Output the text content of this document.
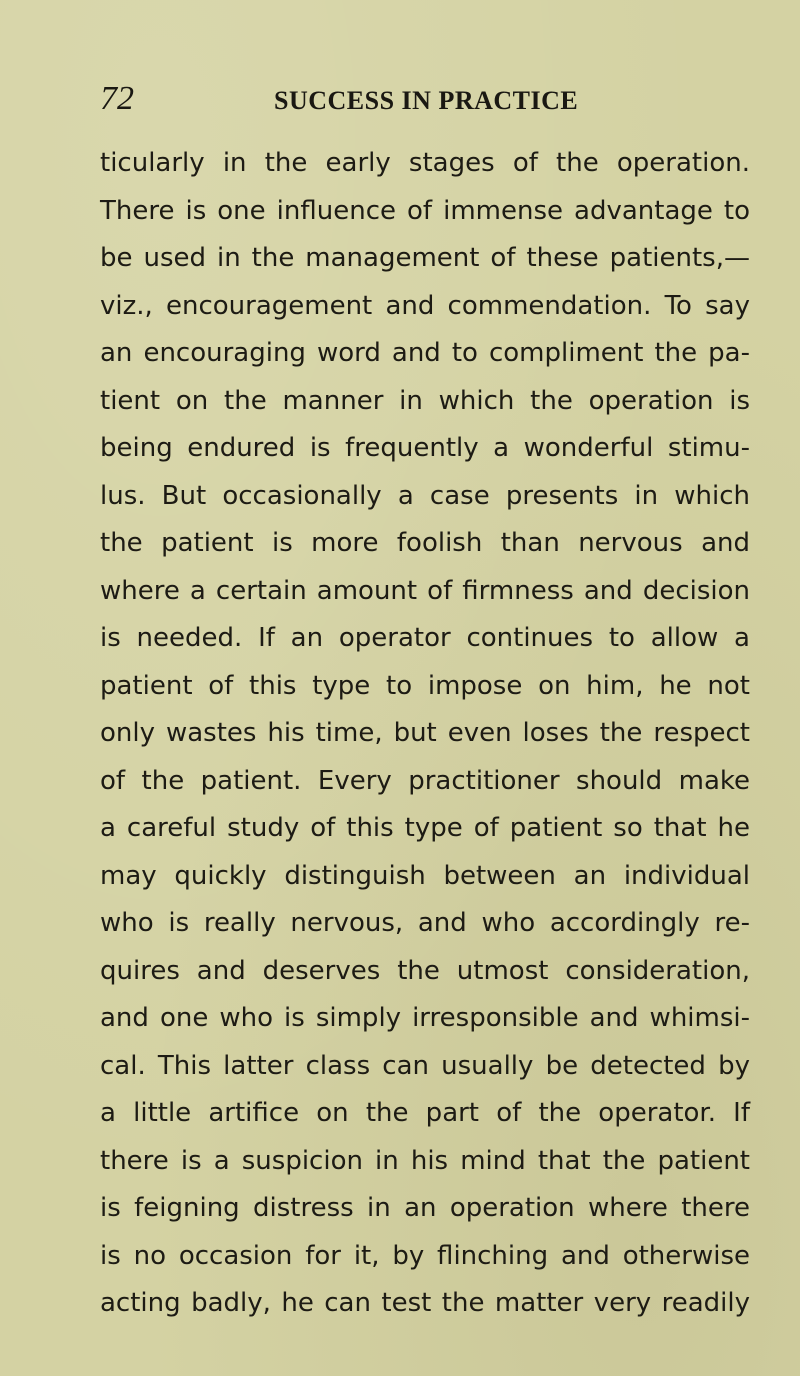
72	SUCCESS IN PRACTICE
ticularly in the early stages of the operation.
There is one influence of immense advantage to
be used in the management of these patients,—
viz., encouragement and commendation. To say
an encouraging word and to compliment the pa-
tient on the manner in which the operation is
being endured is frequently a wonderful stimu-
lus. But occasionally a case presents in which
the patient is more foolish than nervous and
where a certain amount of firmness and decision
is needed. If an operator continues to allow a
patient of this type to impose on him, he not
only wastes his time, but even loses the respect
of the patient. Every practitioner should make
a careful study of this type of patient so that he
may quickly distinguish between an individual
who is really nervous, and who accordingly re-
quires and deserves the utmost consideration,
and one who is simply irresponsible and whimsi-
cal. This latter class can usually be detected by
a little artifice on the part of the operator. If
there is a suspicion in his mind that the patient
is feigning distress in an operation where there
is no occasion for it, by flinching and otherwise
acting badly, he can test the matter very readily
